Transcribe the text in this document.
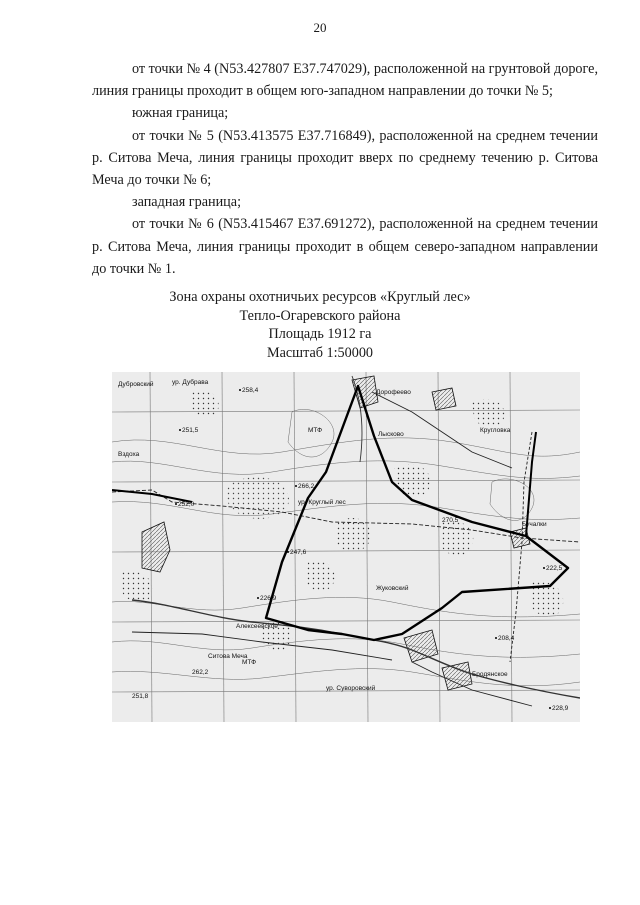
20

от точки № 4 (N53.427807 E37.747029), расположенной на грунтовой дороге, линия границы проходит в общем юго-западном направлении до точки № 5;

южная граница;

от точки № 5 (N53.413575 E37.716849), расположенной на среднем течении р. Ситова Меча, линия границы проходит вверх по среднему течению р. Ситова Меча до точки № 6;

западная граница;

от точки № 6 (N53.415467 E37.691272), расположенной на среднем течении р. Ситова Меча, линия границы проходит в общем северо-западном направлении до точки № 1.

Зона охраны охотничьих ресурсов «Круглый лес»
Тепло-Огаревского района
Площадь 1912 га
Масштаб 1:50000
Дубровский	ур. Дубрава
Вздоха
Дорофеево
Лысково
Кругловка
Жуковский
Бучалки
Алексеевское
ур. Круглый лес
Ситова Меча
ур. Суворовский
Бродянское
МТФ
МТФ
258,4
251,5
252,0
266,2
247,6
226,9
222,5
208,4
228,9
251,8
262,2
270,5
